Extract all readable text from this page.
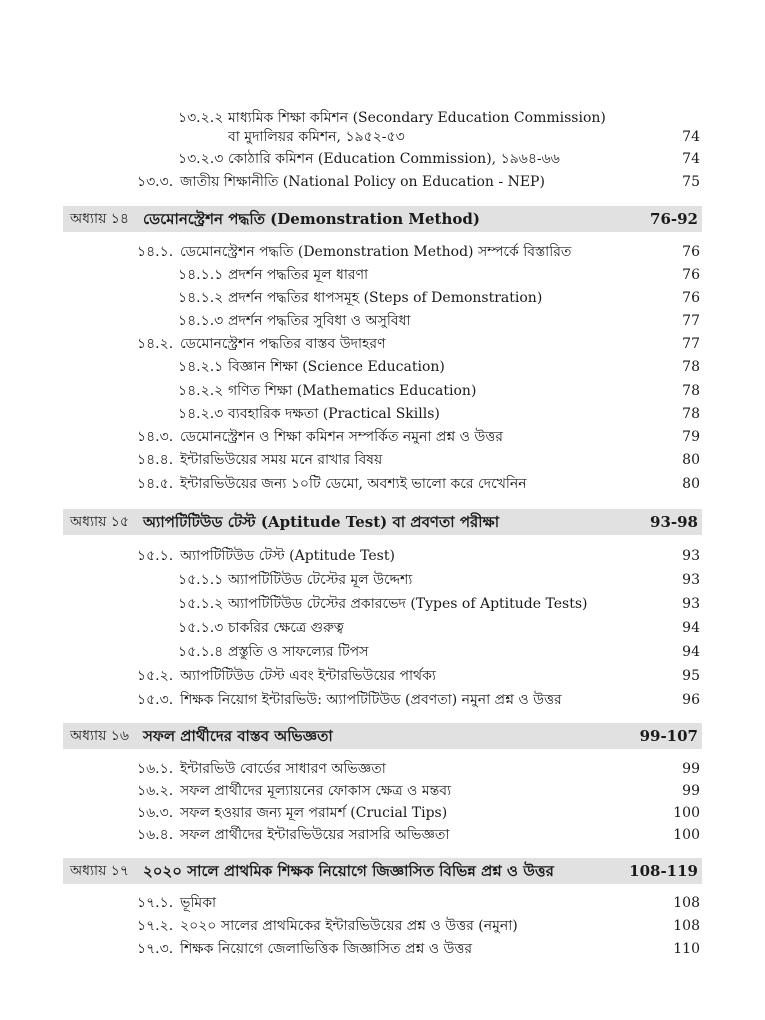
১৩.২.২ মাধ্যমিক শিক্ষা কমিশন (Secondary Education Commission)
বা মুদালিয়র কমিশন, ১৯৫২-৫৩	74
১৩.২.৩ কোঠারি কমিশন (Education Commission), ১৯৬৪-৬৬	74
১৩.৩. জাতীয় শিক্ষানীতি (National Policy on Education - NEP)	75
অধ্যায় ১৪ ডেমোনস্ট্রেশন পদ্ধতি (Demonstration Method)	76-92
১৪.১. ডেমোনস্ট্রেশন পদ্ধতি (Demonstration Method) সম্পর্কে বিস্তারিত	76
১৪.১.১ প্রদর্শন পদ্ধতির মূল ধারণা	76
১৪.১.২ প্রদর্শন পদ্ধতির ধাপসমূহ (Steps of Demonstration)	76
১৪.১.৩ প্রদর্শন পদ্ধতির সুবিধা ও অসুবিধা	77
১৪.২. ডেমোনস্ট্রেশন পদ্ধতির বাস্তব উদাহরণ	77
১৪.২.১ বিজ্ঞান শিক্ষা (Science Education)	78
১৪.২.২ গণিত শিক্ষা (Mathematics Education)	78
১৪.২.৩ ব্যবহারিক দক্ষতা (Practical Skills)	78
১৪.৩. ডেমোনস্ট্রেশন ও শিক্ষা কমিশন সম্পর্কিত নমুনা প্রশ্ন ও উত্তর	79
১৪.৪. ইন্টারভিউয়ের সময় মনে রাখার বিষয়	80
১৪.৫. ইন্টারভিউয়ের জন্য ১০টি ডেমো, অবশ্যই ভালো করে দেখেনিন	80
অধ্যায় ১৫ অ্যাপটিটিউড টেস্ট (Aptitude Test) বা প্রবণতা পরীক্ষা	93-98
১৫.১. অ্যাপটিটিউড টেস্ট (Aptitude Test)	93
১৫.১.১ অ্যাপটিটিউড টেস্টের মূল উদ্দেশ্য	93
১৫.১.২ অ্যাপটিটিউড টেস্টের প্রকারভেদ (Types of Aptitude Tests)	93
১৫.১.৩ চাকরির ক্ষেত্রে গুরুত্ব	94
১৫.১.৪ প্রস্তুতি ও সাফল্যের টিপস	94
১৫.২. অ্যাপটিটিউড টেস্ট এবং ইন্টারভিউয়ের পার্থক্য	95
১৫.৩. শিক্ষক নিয়োগ ইন্টারভিউ: অ্যাপটিটিউড (প্রবণতা) নমুনা প্রশ্ন ও উত্তর	96
অধ্যায় ১৬ সফল প্রার্থীদের বাস্তব অভিজ্ঞতা	99-107
১৬.১. ইন্টারভিউ বোর্ডের সাধারণ অভিজ্ঞতা	99
১৬.২. সফল প্রার্থীদের মূল্যায়নের ফোকাস ক্ষেত্র ও মন্তব্য	99
১৬.৩. সফল হওয়ার জন্য মূল পরামর্শ (Crucial Tips)	100
১৬.৪. সফল প্রার্থীদের ইন্টারভিউয়ের সরাসরি অভিজ্ঞতা	100
অধ্যায় ১৭ ২০২০ সালে প্রাথমিক শিক্ষক নিয়োগে জিজ্ঞাসিত বিভিন্ন প্রশ্ন ও উত্তর	108-119
১৭.১. ভূমিকা	108
১৭.২. ২০২০ সালের প্রাথমিকের ইন্টারভিউয়ের প্রশ্ন ও উত্তর (নমুনা)	108
১৭.৩. শিক্ষক নিয়োগে জেলাভিত্তিক জিজ্ঞাসিত প্রশ্ন ও উত্তর	110
